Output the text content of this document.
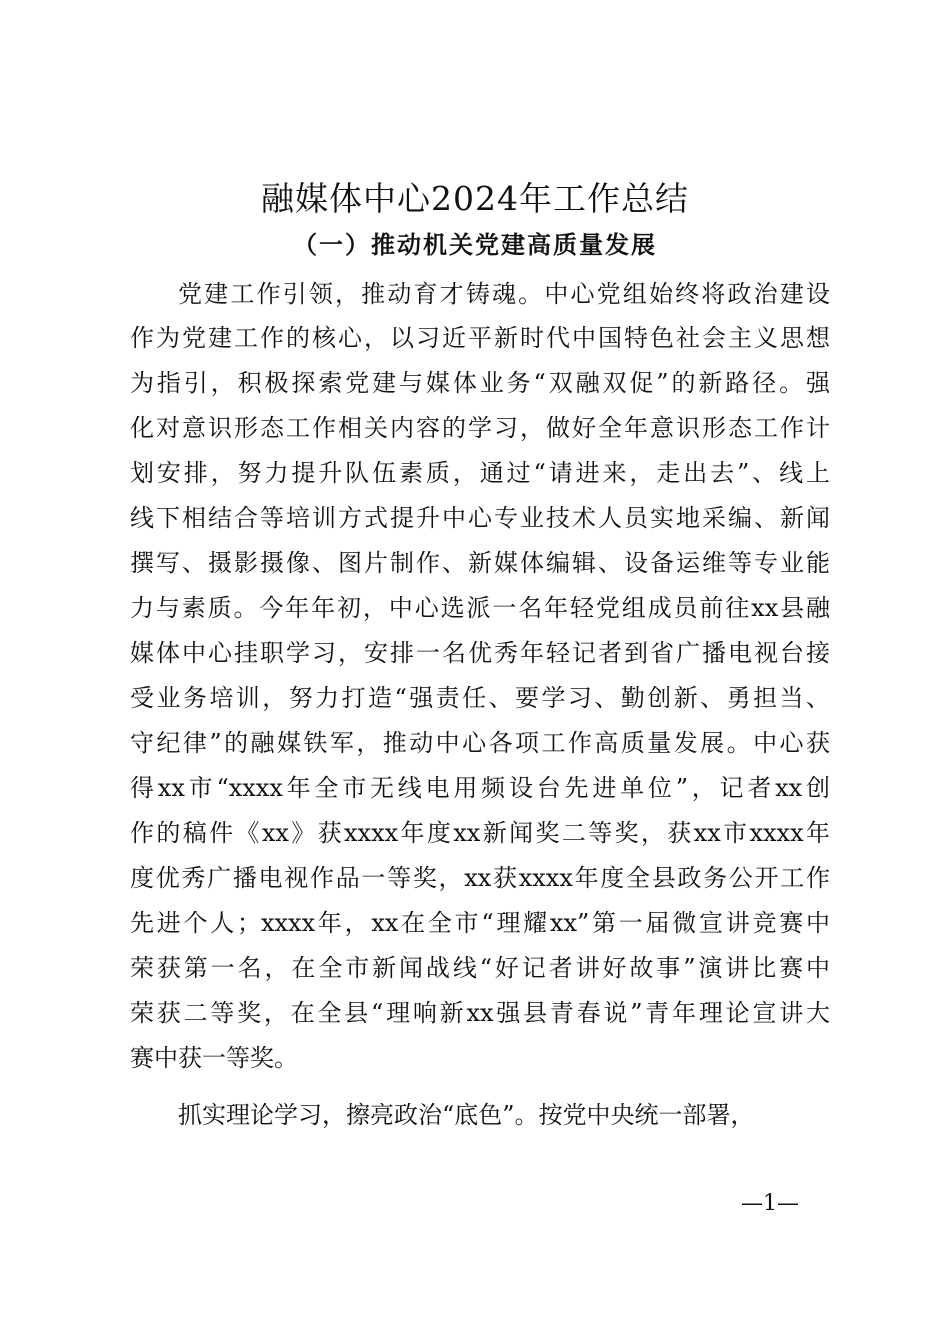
融媒体中心2024年工作总结
（一）推动机关党建高质量发展
党建工作引领，推动育才铸魂。中心党组始终将政治建设
作为党建工作的核心，以习近平新时代中国特色社会主义思想
为指引，积极探索党建与媒体业务“双融双促”的新路径。强
化对意识形态工作相关内容的学习，做好全年意识形态工作计
划安排，努力提升队伍素质，通过“请进来，走出去”、线上
线下相结合等培训方式提升中心专业技术人员实地采编、新闻
撰写、摄影摄像、图片制作、新媒体编辑、设备运维等专业能
力与素质。今年年初，中心选派一名年轻党组成员前往xx县融
媒体中心挂职学习，安排一名优秀年轻记者到省广播电视台接
受业务培训，努力打造“强责任、要学习、勤创新、勇担当、
守纪律”的融媒铁军，推动中心各项工作高质量发展。中心获
得xx市“xxxx年全市无线电用频设台先进单位”，记者xx创
作的稿件《xx》获xxxx年度xx新闻奖二等奖，获xx市xxxx年
度优秀广播电视作品一等奖，xx获xxxx年度全县政务公开工作
先进个人；xxxx年，xx在全市“理耀xx”第一届微宣讲竞赛中
荣获第一名，在全市新闻战线“好记者讲好故事”演讲比赛中
荣获二等奖，在全县“理响新xx强县青春说”青年理论宣讲大
赛中获一等奖。
抓实理论学习，擦亮政治“底色”。按党中央统一部署，
—1—
